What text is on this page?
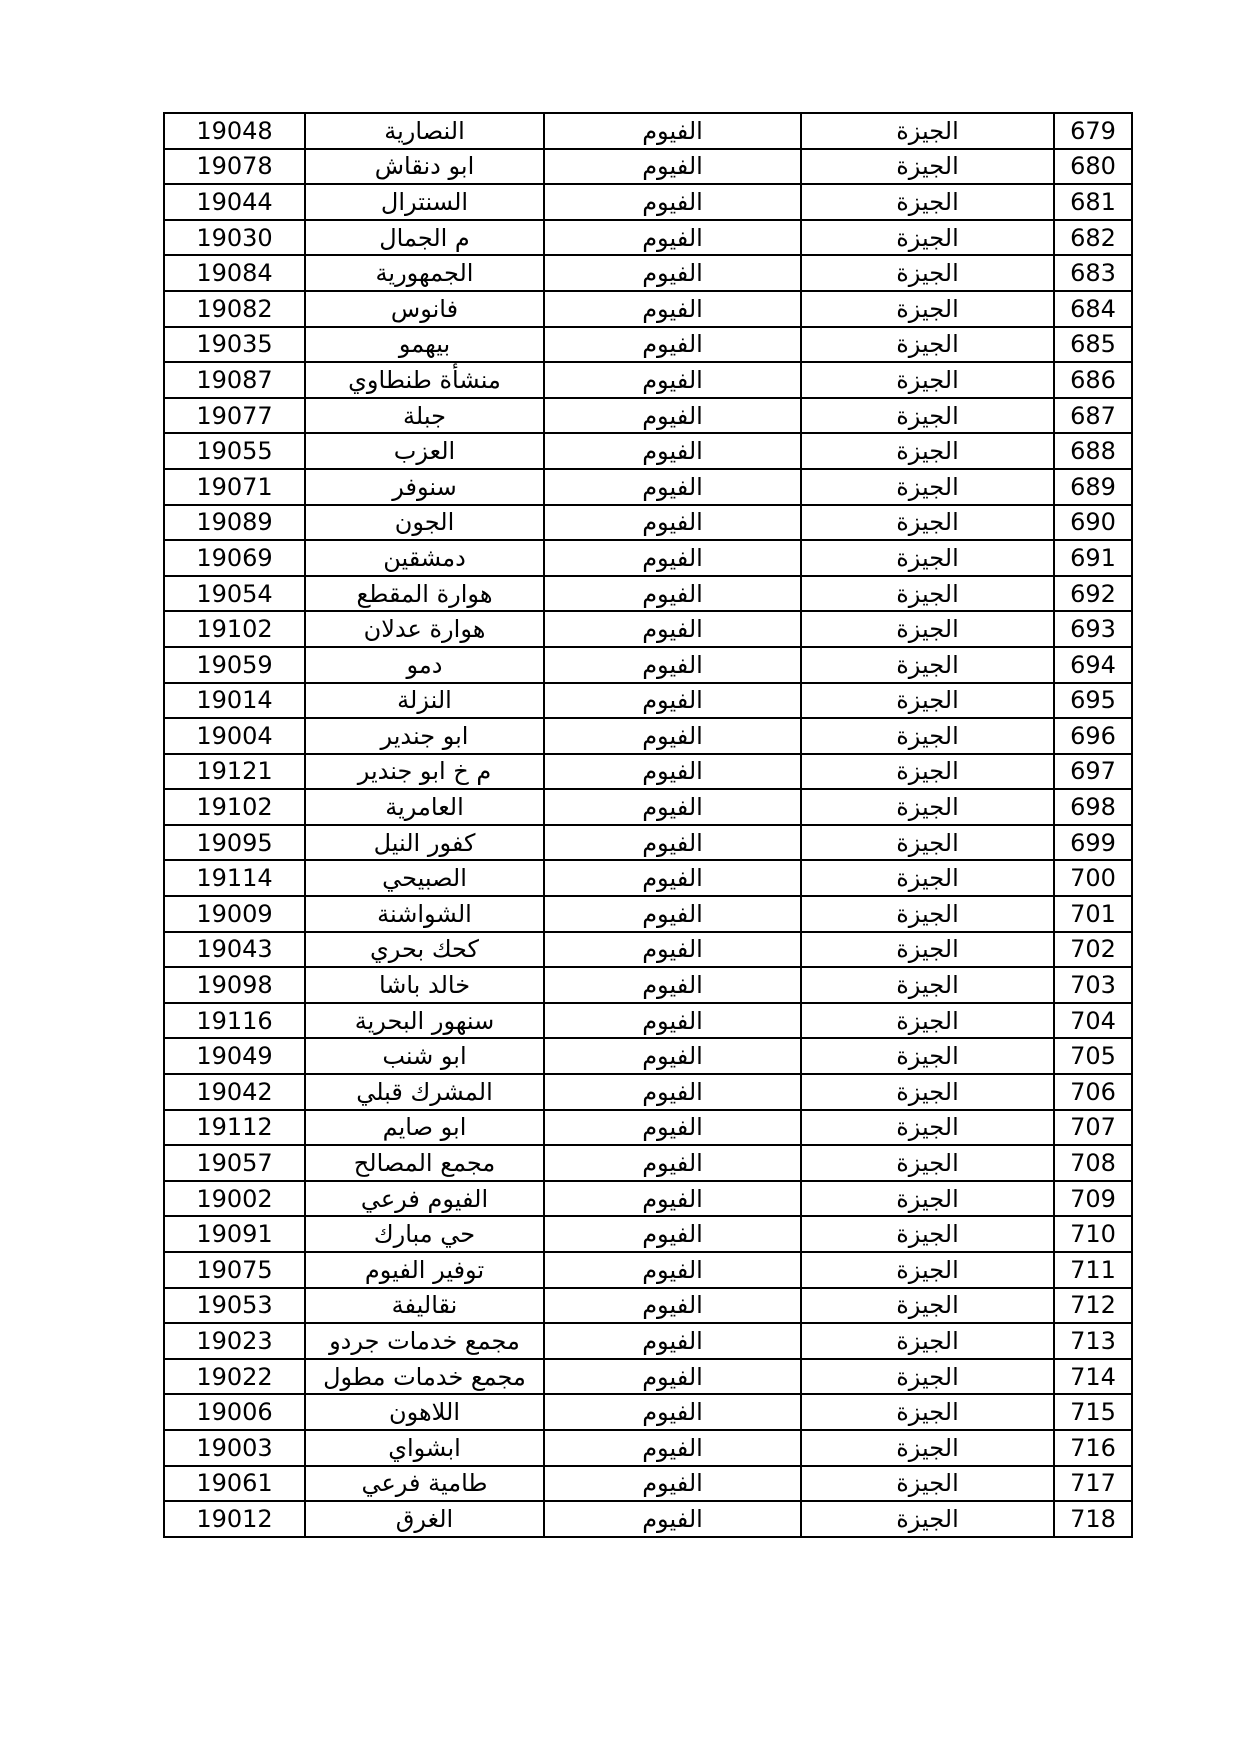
19048	النصارية	الفيوم	الجيزة	679
19078	ابو دنقاش	الفيوم	الجيزة	680
19044	السنترال	الفيوم	الجيزة	681
19030	م الجمال	الفيوم	الجيزة	682
19084	الجمهورية	الفيوم	الجيزة	683
19082	فانوس	الفيوم	الجيزة	684
19035	بيهمو	الفيوم	الجيزة	685
19087	منشأة طنطاوي	الفيوم	الجيزة	686
19077	جبلة	الفيوم	الجيزة	687
19055	العزب	الفيوم	الجيزة	688
19071	سنوفر	الفيوم	الجيزة	689
19089	الجون	الفيوم	الجيزة	690
19069	دمشقين	الفيوم	الجيزة	691
19054	هوارة المقطع	الفيوم	الجيزة	692
19102	هوارة عدلان	الفيوم	الجيزة	693
19059	دمو	الفيوم	الجيزة	694
19014	النزلة	الفيوم	الجيزة	695
19004	ابو جندير	الفيوم	الجيزة	696
19121	م خ ابو جندير	الفيوم	الجيزة	697
19102	العامرية	الفيوم	الجيزة	698
19095	كفور النيل	الفيوم	الجيزة	699
19114	الصبيحي	الفيوم	الجيزة	700
19009	الشواشنة	الفيوم	الجيزة	701
19043	كحك بحري	الفيوم	الجيزة	702
19098	خالد باشا	الفيوم	الجيزة	703
19116	سنهور البحرية	الفيوم	الجيزة	704
19049	ابو شنب	الفيوم	الجيزة	705
19042	المشرك قبلي	الفيوم	الجيزة	706
19112	ابو صايم	الفيوم	الجيزة	707
19057	مجمع المصالح	الفيوم	الجيزة	708
19002	الفيوم فرعي	الفيوم	الجيزة	709
19091	حي مبارك	الفيوم	الجيزة	710
19075	توفير الفيوم	الفيوم	الجيزة	711
19053	نقاليفة	الفيوم	الجيزة	712
19023	مجمع خدمات جردو	الفيوم	الجيزة	713
19022	مجمع خدمات مطول	الفيوم	الجيزة	714
19006	اللاهون	الفيوم	الجيزة	715
19003	ابشواي	الفيوم	الجيزة	716
19061	طامية فرعي	الفيوم	الجيزة	717
19012	الغرق	الفيوم	الجيزة	718
